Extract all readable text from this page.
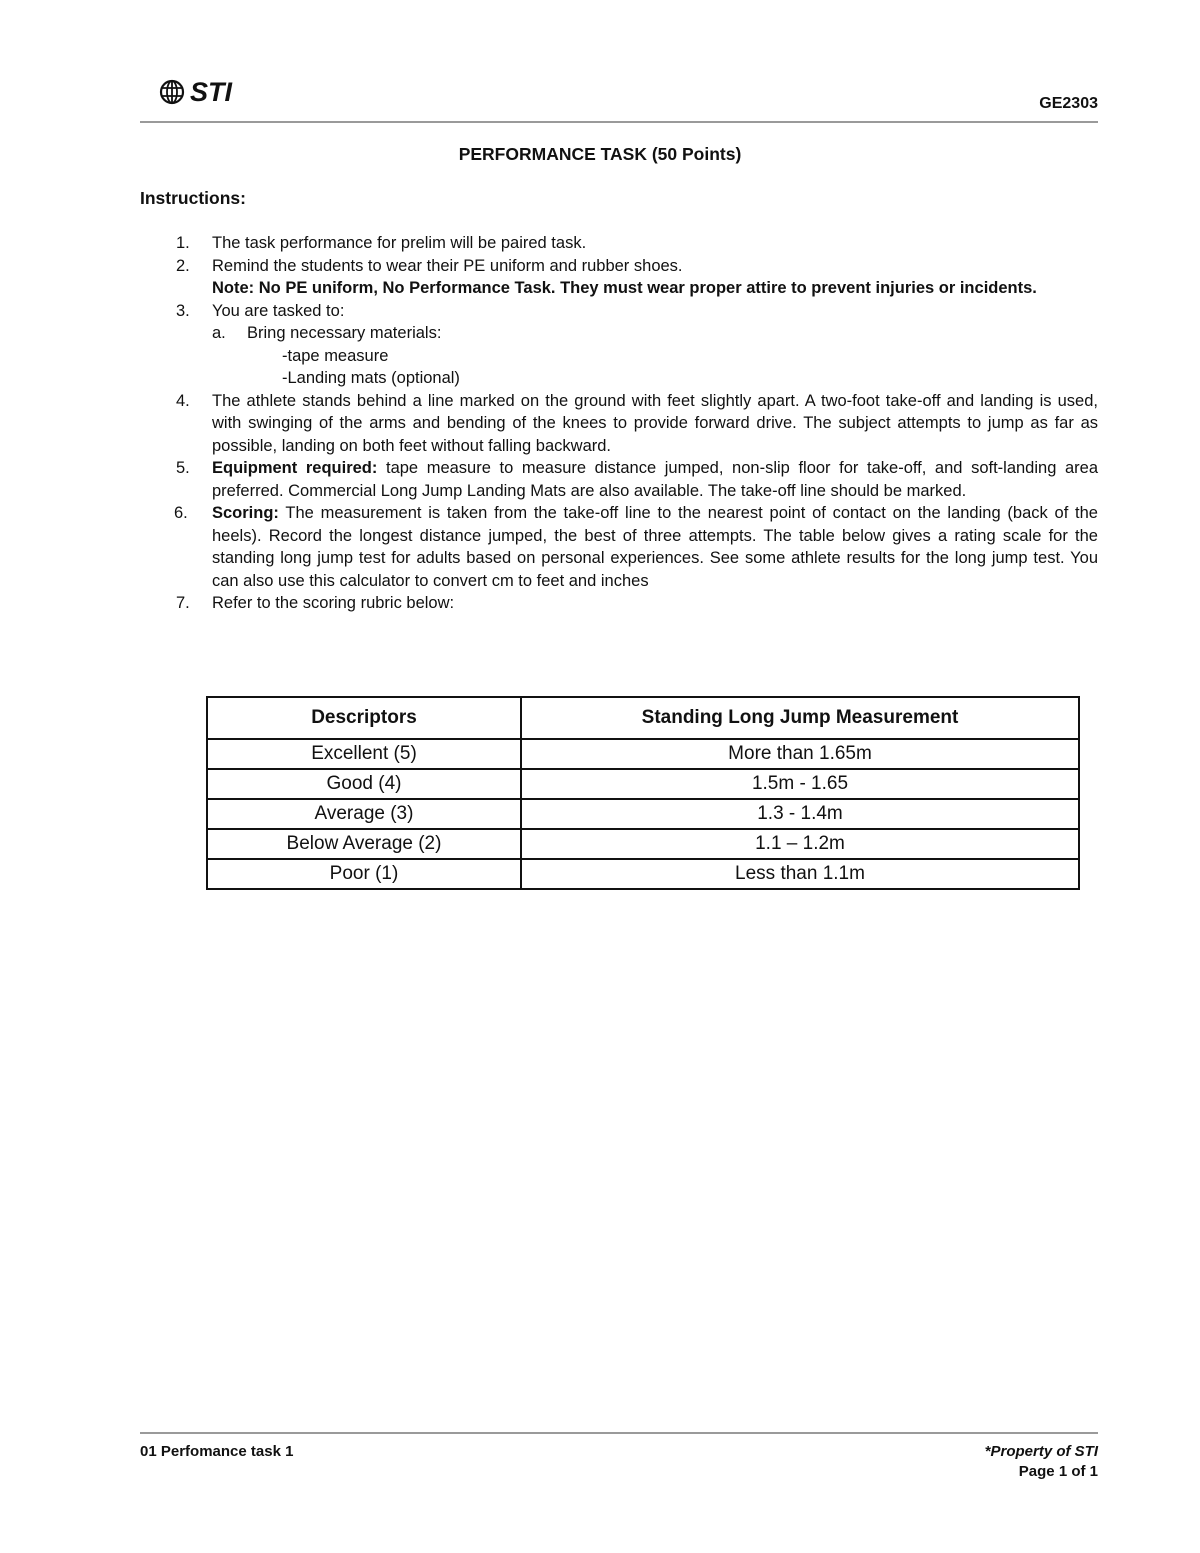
STI	GE2303
PERFORMANCE TASK (50 Points)
Instructions:
1. The task performance for prelim will be paired task.
2. Remind the students to wear their PE uniform and rubber shoes.
Note: No PE uniform, No Performance Task. They must wear proper attire to prevent injuries or incidents.
3. You are tasked to:
a. Bring necessary materials:
-tape measure
-Landing mats (optional)
4. The athlete stands behind a line marked on the ground with feet slightly apart. A two-foot take-off and landing is used, with swinging of the arms and bending of the knees to provide forward drive. The subject attempts to jump as far as possible, landing on both feet without falling backward.
5. Equipment required: tape measure to measure distance jumped, non-slip floor for take-off, and soft-landing area preferred. Commercial Long Jump Landing Mats are also available. The take-off line should be marked.
6. Scoring: The measurement is taken from the take-off line to the nearest point of contact on the landing (back of the heels). Record the longest distance jumped, the best of three attempts. The table below gives a rating scale for the standing long jump test for adults based on personal experiences. See some athlete results for the long jump test. You can also use this calculator to convert cm to feet and inches
7. Refer to the scoring rubric below:
Descriptors	Standing Long Jump Measurement
Excellent (5)	More than 1.65m
Good (4)	1.5m - 1.65
Average (3)	1.3 - 1.4m
Below Average (2)	1.1 – 1.2m
Poor (1)	Less than 1.1m
01 Perfomance task 1	*Property of STI
Page 1 of 1
